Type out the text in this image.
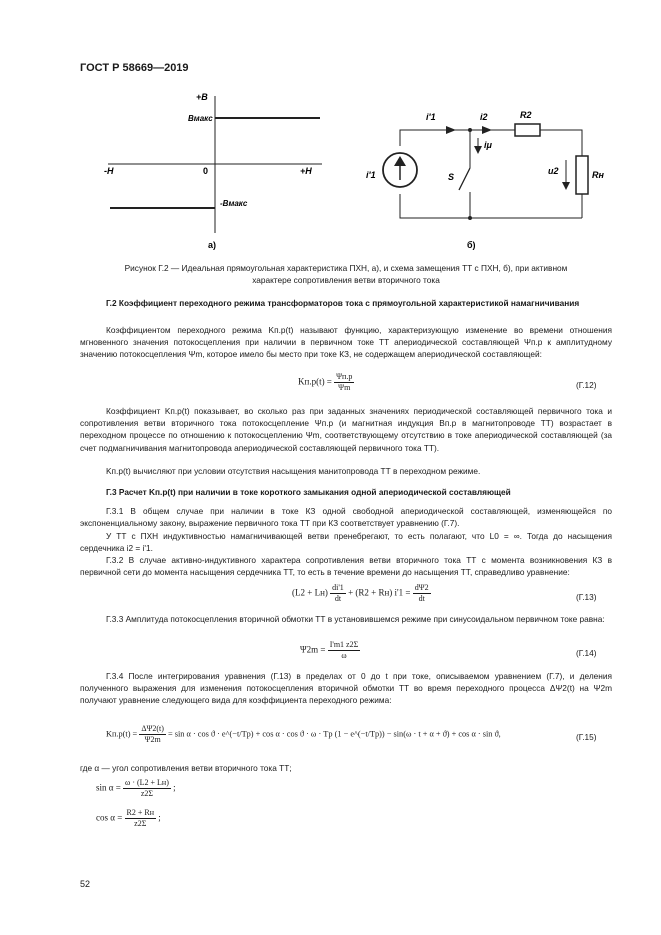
ГОСТ Р 58669—2019
+B
Bмакс
-H	0	+H
-Bмакс
а)
i'1	i2	R2
iμ
u2	Rн
i'1	S
б)
Рисунок Г.2 — Идеальная прямоугольная характеристика ПХН, а), и схема замещения ТТ с ПХН, б), при активном
характере сопротивления ветви вторичного тока
Г.2 Коэффициент переходного режима трансформаторов тока с прямоугольной характеристикой намагничивания
Коэффициентом переходного режима Kп.р(t) называют функцию, характеризующую изменение во времени отношения мгновенного значения потокосцепления при наличии в первичном токе ТТ апериодической составляющей Ψп.р к амплитудному значению потокосцепления Ψm, которое имело бы место при токе КЗ, не содержащем апериодической составляющей:
$Kп.р(t) = \frac{\Psi п.р}{\Psi m}$	(Г.12)
Коэффициент Kп.р(t) показывает, во сколько раз при заданных значениях периодической составляющей первичного тока и сопротивления ветви вторичного тока потокосцепление Ψп.р (и магнитная индукция Bп.р в магнитопроводе ТТ) возрастает в переходном процессе по отношению к потокосцеплению Ψm, соответствующему отсутствию в токе апериодической составляющей (за счет подмагничивания магнитопровода апериодической составляющей первичного тока ТТ).
Kп.р(t) вычисляют при условии отсутствия насыщения манитопровода ТТ в переходном режиме.
Г.3 Расчет Kп.р(t) при наличии в токе короткого замыкания одной апериодической составляющей
Г.3.1 В общем случае при наличии в токе КЗ одной свободной апериодической составляющей, изменяющейся по экспоненциальному закону, выражение первичного тока ТТ при КЗ соответствует уравнению (Г.7).
У ТТ с ПХН индуктивностью намагничивающей ветви пренебрегают, то есть полагают, что L0 = ∞. Тогда до насыщения сердечника i2 = i'1.
Г.3.2 В случае активно-индуктивного характера сопротивления ветви вторичного тока ТТ с момента возникновения КЗ в первичной сети до момента насыщения сердечника ТТ, то есть в течение времени до насыщения ТТ, справедливо уравнение:
$(L2 + Lн) \frac{di'1}{dt} + (R2 + Rн) i'1 = \frac{d\Psi 2}{dt}$	(Г.13)
Г.3.3 Амплитуда потокосцепления вторичной обмотки ТТ в установившемся режиме при синусоидальном первичном токе равна:
$\Psi 2m = \frac{I'm1 z2\Sigma}{\omega}$	(Г.14)
Г.3.4 После интегрирования уравнения (Г.13) в пределах от 0 до t при токе, описываемом уравнением (Г.7), и деления полученного выражения для изменения потокосцепления вторичной обмотки ТТ во время переходного процесса ΔΨ2(t) на Ψ2m получают уравнение следующего вида для коэффициента переходного режима:
$Kп.р(t) = \frac{\Delta\Psi 2(t)}{\Psi 2m} = \sin \alpha \cdot \cos ϑ$ · e^(−t/Tp) + cos α · cos ϑ · ω · Tp (1 − e^(−t/Tp)) − sin(ω · t + α + ϑ) + cos α · sin ϑ,	(Г.15)
где α — угол сопротивления ветви вторичного тока ТТ;
$\sin \alpha = \frac{\omega \cdot (L2 + Lн)}{z2\Sigma}$ ;
$\cos \alpha = \frac{R2 + Rн}{z2\Sigma}$ ;
52
